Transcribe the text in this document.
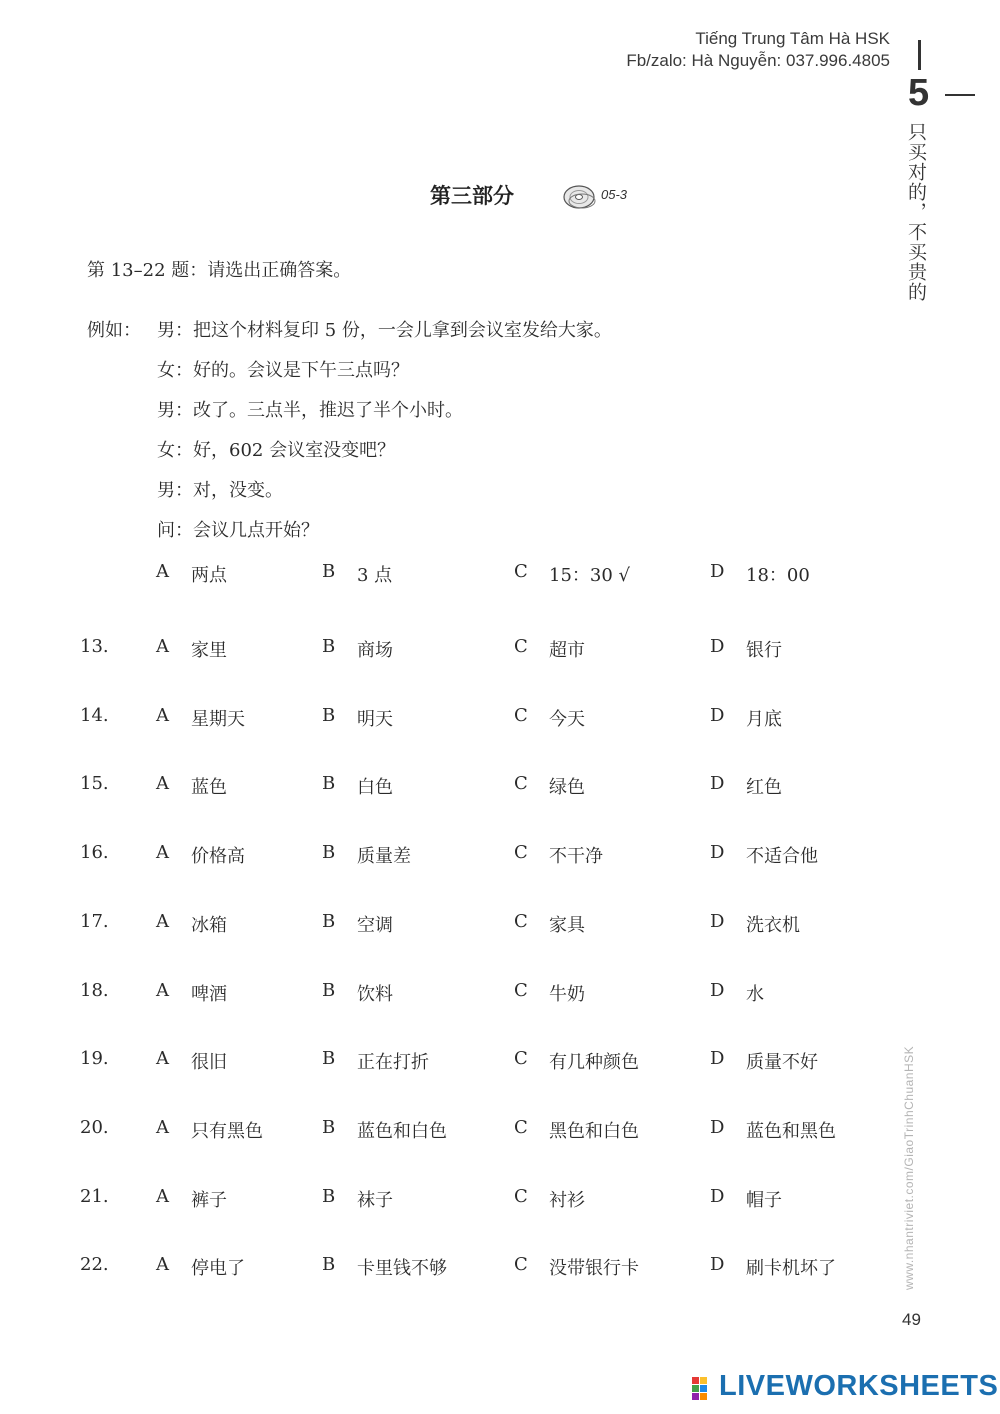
Tiếng Trung Tâm Hà HSK
Fb/zalo: Hà Nguyễn: 037.996.4805
5
只买对的，不买贵的
第三部分	05-3
第 13–22 题：请选出正确答案。
例如： 男：把这个材料复印 5 份，一会儿拿到会议室发给大家。
女：好的。会议是下午三点吗？
男：改了。三点半，推迟了半个小时。
女：好，602 会议室没变吧？
男：对，没变。
问：会议几点开始？
A 两点	B 3 点	C 15：30 √	D 18：00
13.	A 家里	B 商场	C 超市	D 银行
14.	A 星期天	B 明天	C 今天	D 月底
15.	A 蓝色	B 白色	C 绿色	D 红色
16.	A 价格高	B 质量差	C 不干净	D 不适合他
17.	A 冰箱	B 空调	C 家具	D 洗衣机
18.	A 啤酒	B 饮料	C 牛奶	D 水
19.	A 很旧	B 正在打折	C 有几种颜色	D 质量不好
20.	A 只有黑色	B 蓝色和白色	C 黑色和白色	D 蓝色和黑色
21.	A 裤子	B 袜子	C 衬衫	D 帽子
22.	A 停电了	B 卡里钱不够	C 没带银行卡	D 刷卡机坏了	www.nhantriviet.com/GiaoTrinhChuanHSK
49
LIVEWORKSHEETS
